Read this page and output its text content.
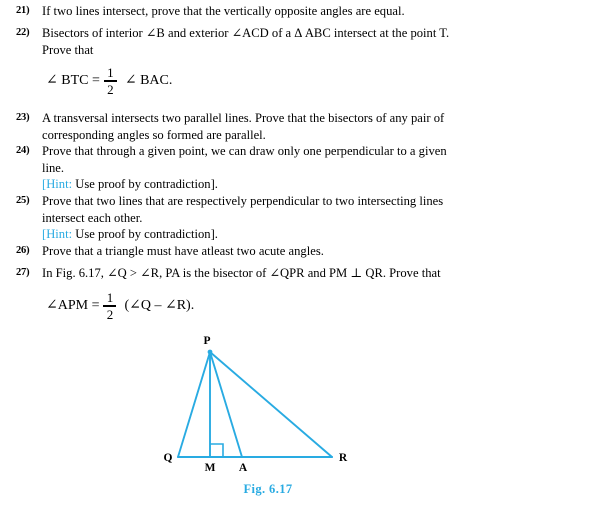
21) If two lines intersect, prove that the vertically opposite angles are equal.
22) Bisectors of interior ∠B and exterior ∠ACD of a Δ ABC intersect at the point T.
Prove that
∠ BTC = $\frac{1}{2}$ ∠ BAC.
23) A transversal intersects two parallel lines. Prove that the bisectors of any pair of
corresponding angles so formed are parallel.
24) Prove that through a given point, we can draw only one perpendicular to a given
line.
[Hint: Use proof by contradiction].
25) Prove that two lines that are respectively perpendicular to two intersecting lines
intersect each other.
[Hint: Use proof by contradiction].
26) Prove that a triangle must have atleast two acute angles.
27) In Fig. 6.17, ∠Q > ∠R, PA is the bisector of ∠QPR and PM ⊥ QR. Prove that
∠APM = $\frac{1}{2}$ (∠Q – ∠R).
P
Q
M A
R
Fig. 6.17
